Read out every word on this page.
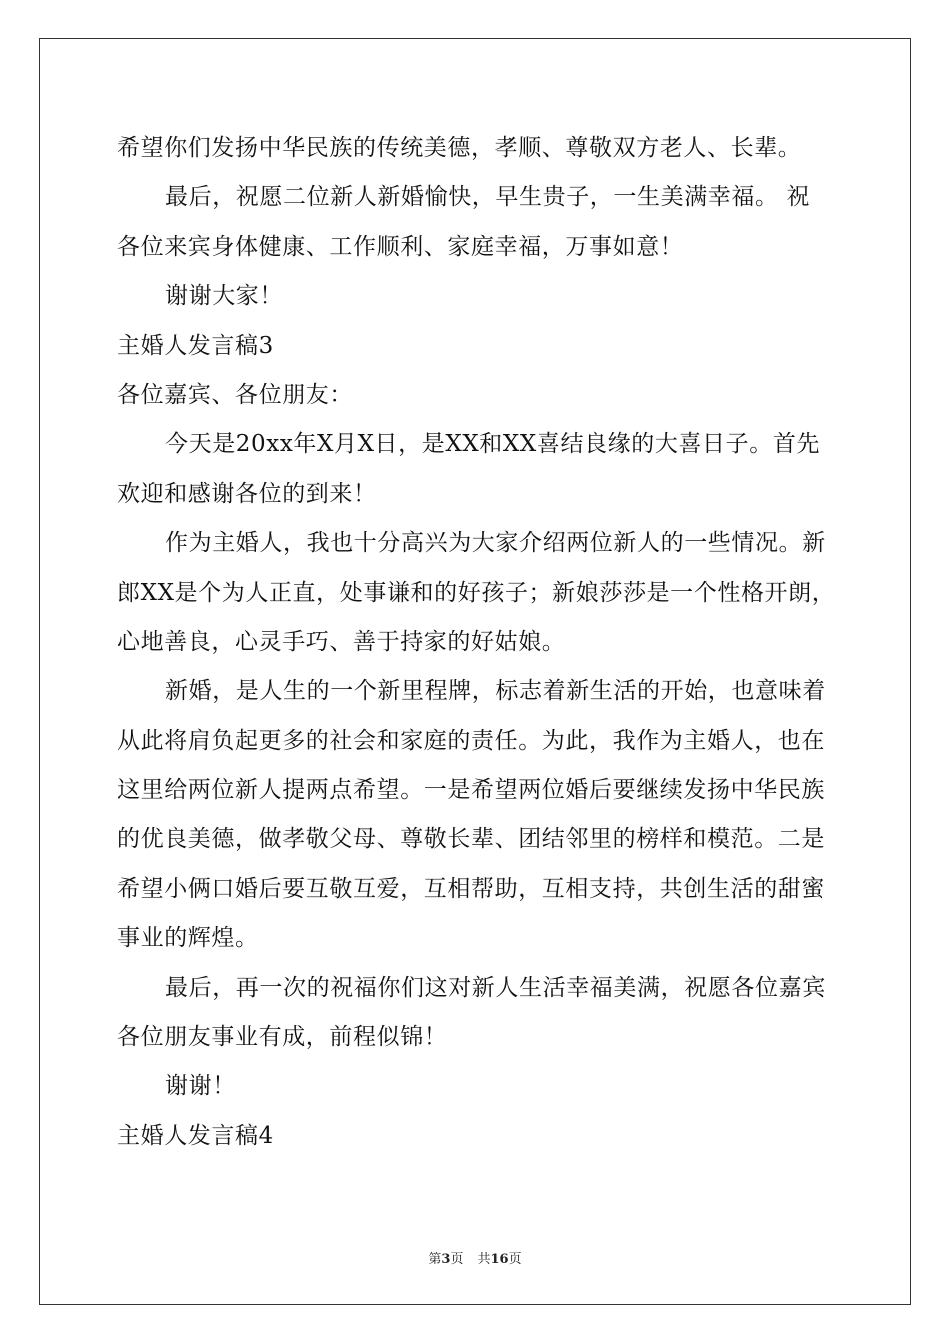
希望你们发扬中华民族的传统美德，孝顺、尊敬双方老人、长辈。
最后，祝愿二位新人新婚愉快，早生贵子，一生美满幸福。 祝
各位来宾身体健康、工作顺利、家庭幸福，万事如意！
谢谢大家！
主婚人发言稿3
各位嘉宾、各位朋友：
今天是20xx年X月X日，是XX和XX喜结良缘的大喜日子。首先
欢迎和感谢各位的到来！
作为主婚人，我也十分高兴为大家介绍两位新人的一些情况。新
郎XX是个为人正直，处事谦和的好孩子；新娘莎莎是一个性格开朗，
心地善良，心灵手巧、善于持家的好姑娘。
新婚，是人生的一个新里程牌，标志着新生活的开始，也意味着
从此将肩负起更多的社会和家庭的责任。为此，我作为主婚人，也在
这里给两位新人提两点希望。一是希望两位婚后要继续发扬中华民族
的优良美德，做孝敬父母、尊敬长辈、团结邻里的榜样和模范。二是
希望小俩口婚后要互敬互爱，互相帮助，互相支持，共创生活的甜蜜
事业的辉煌。
最后，再一次的祝福你们这对新人生活幸福美满，祝愿各位嘉宾
各位朋友事业有成，前程似锦！
谢谢！
主婚人发言稿4
第3页 共16页
